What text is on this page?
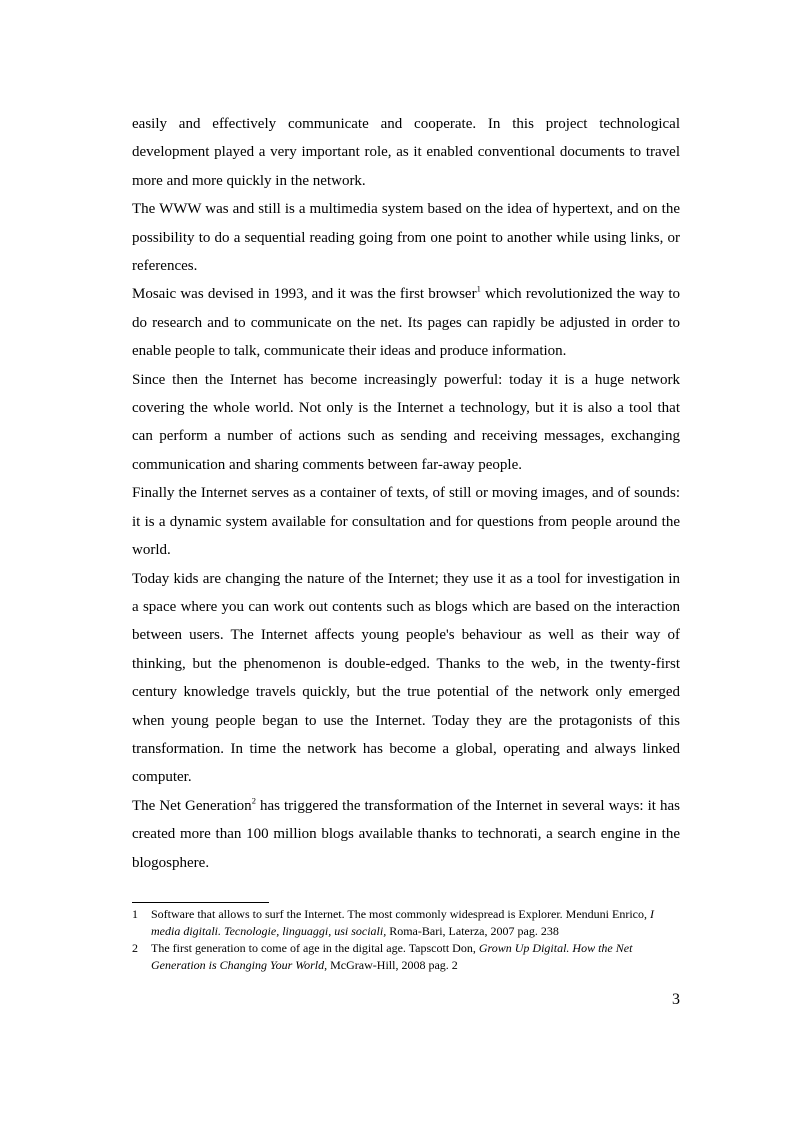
easily and effectively communicate and cooperate. In this project technological development played a very important role, as it enabled conventional documents to travel more and more quickly in the network.

The WWW was and still is a multimedia system based on the idea of hypertext, and on the possibility to do a sequential reading going from one point to another while using links, or references.

Mosaic was devised in 1993, and it was the first browser$^1$ which revolutionized the way to do research and to communicate on the net. Its pages can rapidly be adjusted in order to enable people to talk, communicate their ideas and produce information.

Since then the Internet has become increasingly powerful: today it is a huge network covering the whole world. Not only is the Internet a technology, but it is also a tool that can perform a number of actions such as sending and receiving messages, exchanging communication and sharing comments between far-away people.

Finally the Internet serves as a container of texts, of still or moving images, and of sounds: it is a dynamic system available for consultation and for questions from people around the world.

Today kids are changing the nature of the Internet; they use it as a tool for investigation in a space where you can work out contents such as blogs which are based on the interaction between users. The Internet affects young people's behaviour as well as their way of thinking, but the phenomenon is double-edged. Thanks to the web, in the twenty-first century knowledge travels quickly, but the true potential of the network only emerged when young people began to use the Internet. Today they are the protagonists of this transformation. In time the network has become a global, operating and always linked computer.

The Net Generation$^2$ has triggered the transformation of the Internet in several ways: it has created more than 100 million blogs available thanks to technorati, a search engine in the blogosphere.

1 Software that allows to surf the Internet. The most commonly widespread is Explorer. Menduni Enrico, I media digitali. Tecnologie, linguaggi, usi sociali, Roma-Bari, Laterza, 2007 pag. 238
2 The first generation to come of age in the digital age. Tapscott Don, Grown Up Digital. How the Net Generation is Changing Your World, McGraw-Hill, 2008 pag. 2
3
